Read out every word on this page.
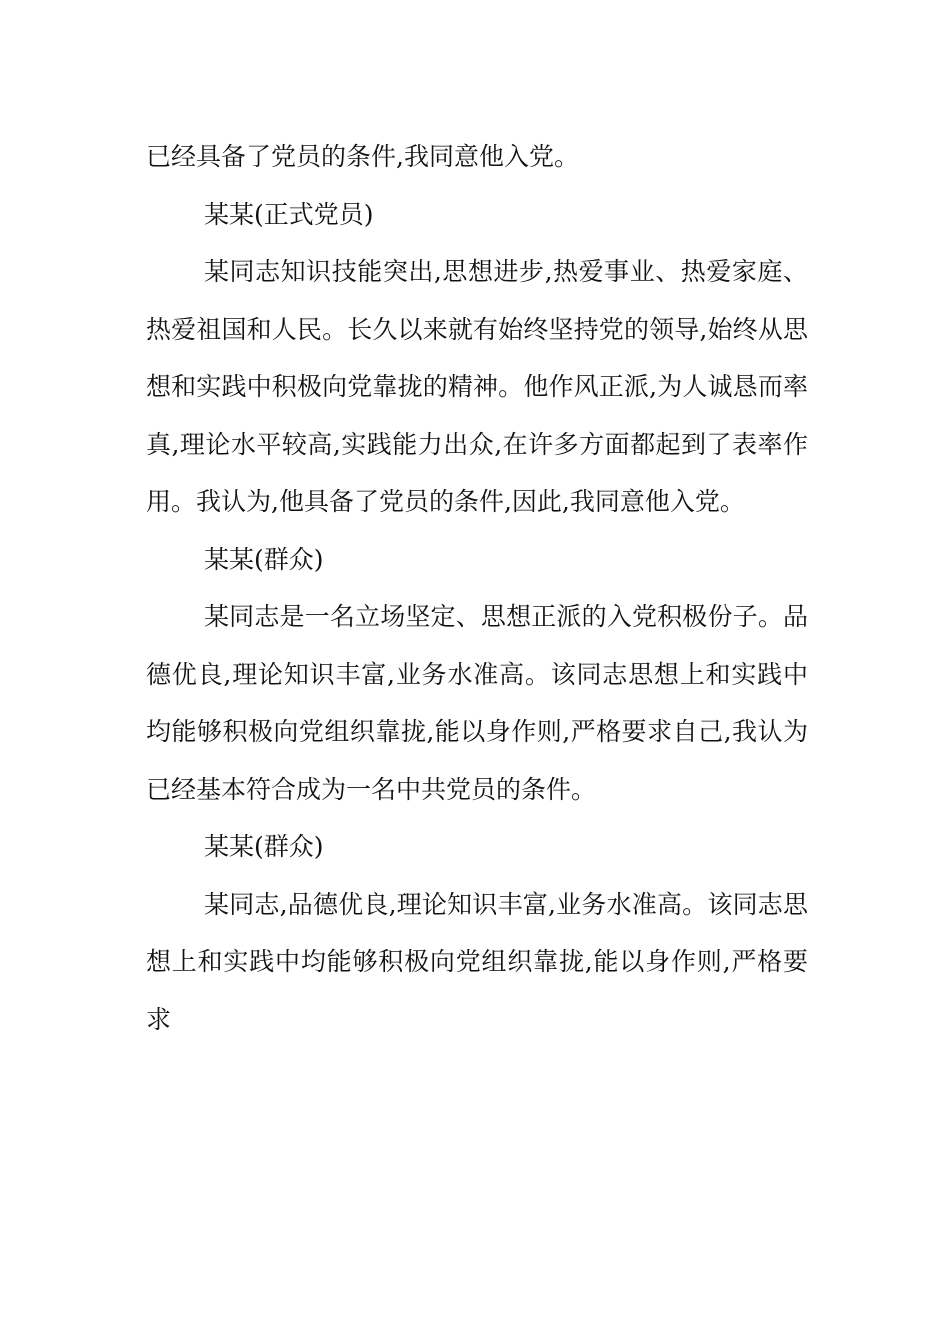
已经具备了党员的条件,我同意他入党。

某某(正式党员)

某同志知识技能突出,思想进步,热爱事业、热爱家庭、热爱祖国和人民。长久以来就有始终坚持党的领导,始终从思想和实践中积极向党靠拢的精神。他作风正派,为人诚恳而率真,理论水平较高,实践能力出众,在许多方面都起到了表率作用。我认为,他具备了党员的条件,因此,我同意他入党。

某某(群众)

某同志是一名立场坚定、思想正派的入党积极份子。品德优良,理论知识丰富,业务水准高。该同志思想上和实践中均能够积极向党组织靠拢,能以身作则,严格要求自己,我认为已经基本符合成为一名中共党员的条件。

某某(群众)

某同志,品德优良,理论知识丰富,业务水准高。该同志思想上和实践中均能够积极向党组织靠拢,能以身作则,严格要求
